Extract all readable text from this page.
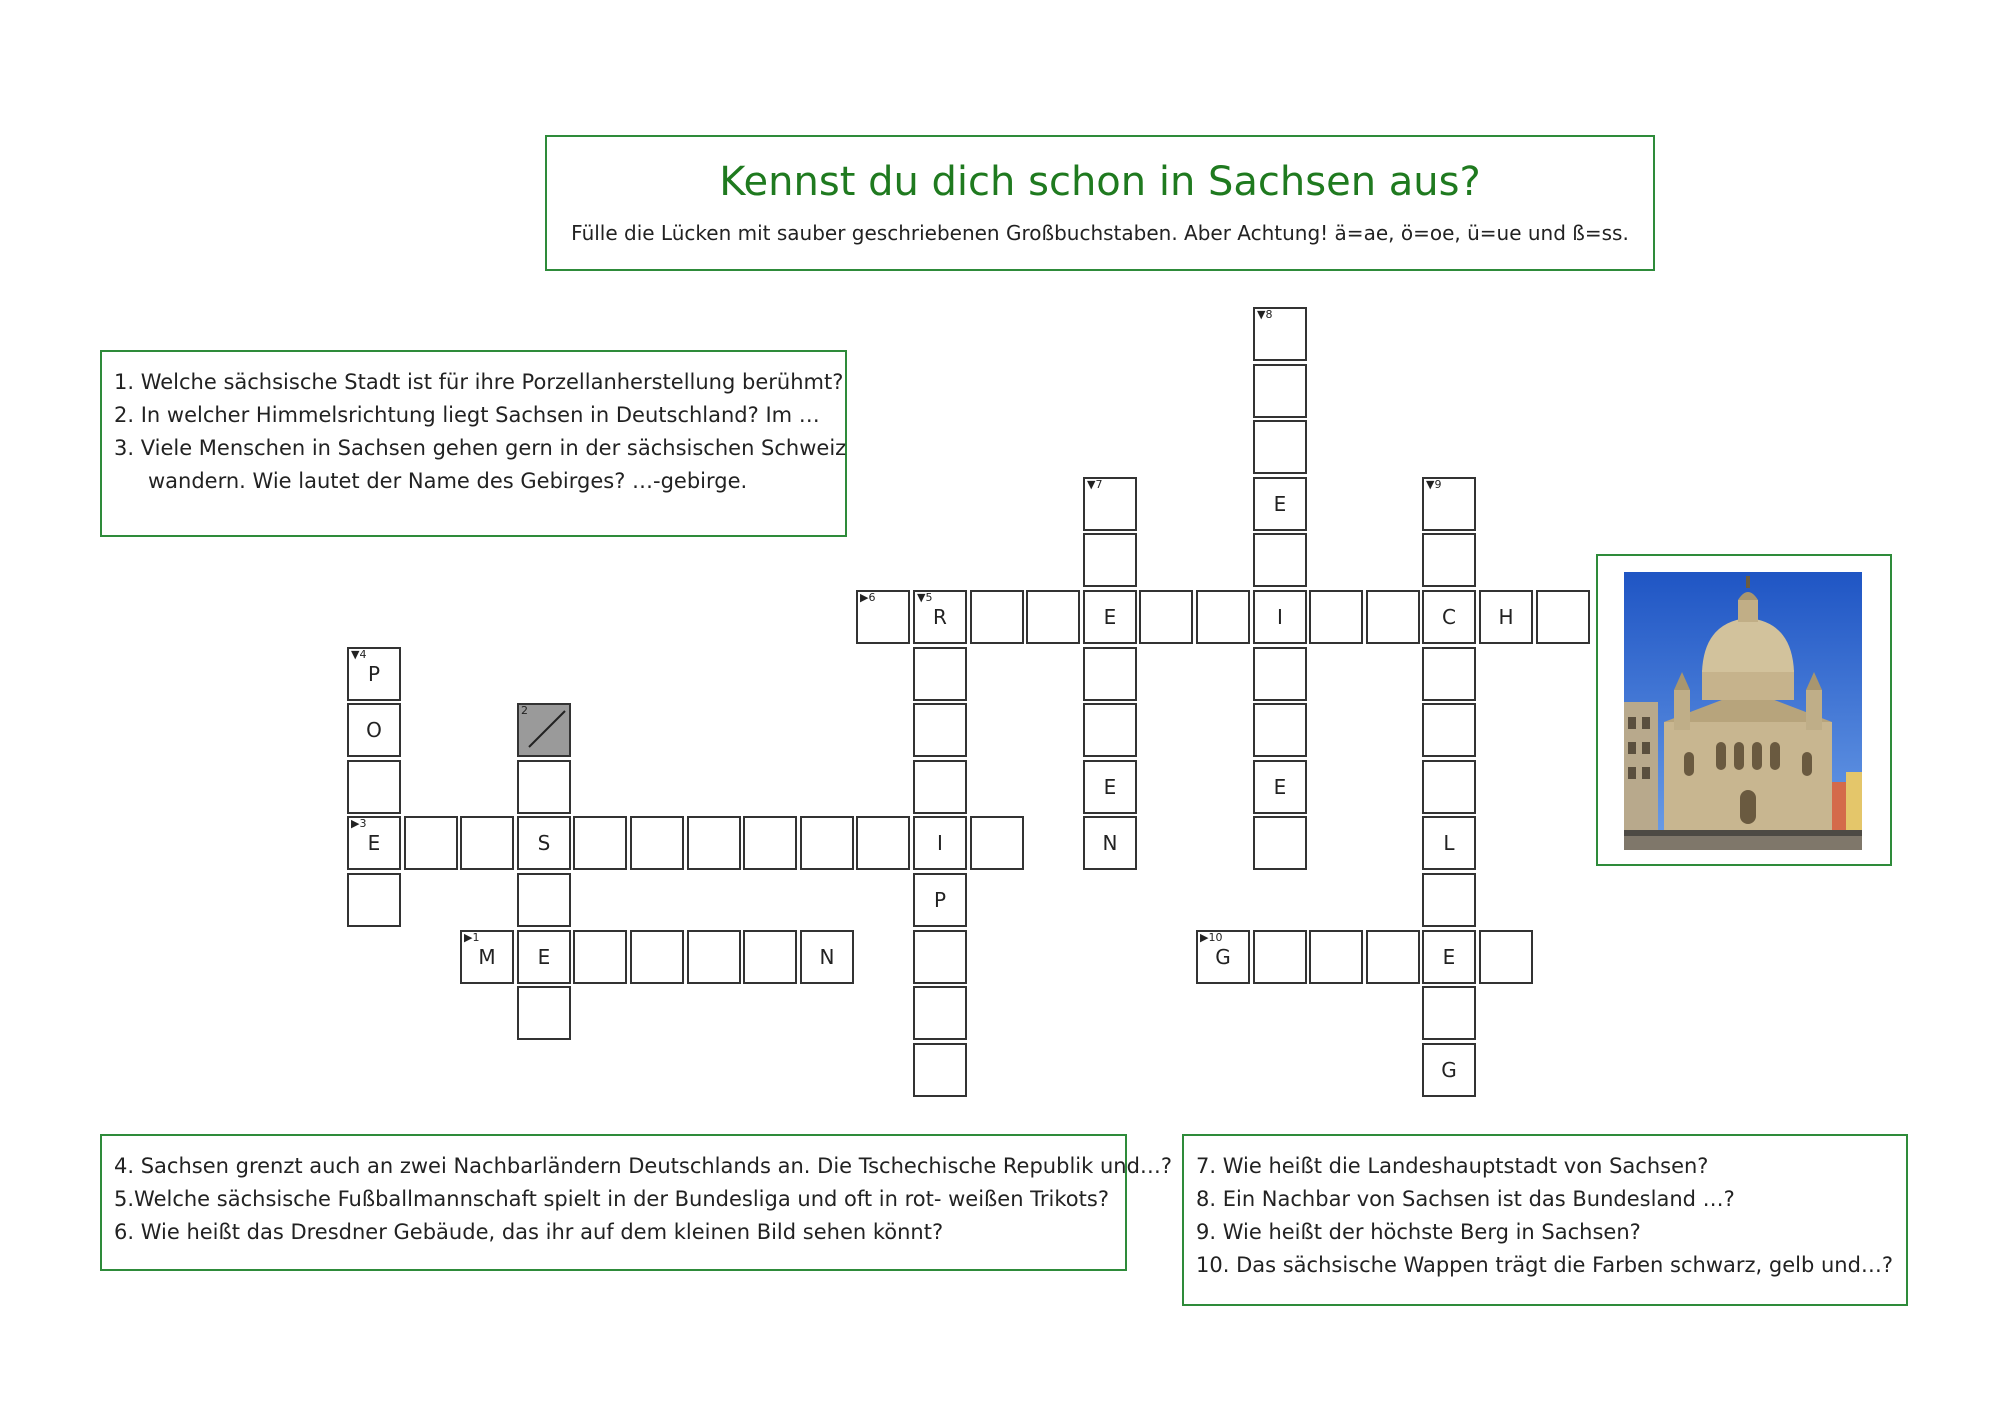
Kennst du dich schon in Sachsen aus?
Fülle die Lücken mit sauber geschriebenen Großbuchstaben. Aber Achtung! ä=ae, ö=oe, ü=ue und ß=ss.
1. Welche sächsische Stadt ist für ihre Porzellanherstellung berühmt?
2. In welcher Himmelsrichtung liegt Sachsen in Deutschland? Im …
3. Viele Menschen in Sachsen gehen gern in der sächsischen Schweiz
wandern. Wie lautet der Name des Gebirges? …-gebirge.
4. Sachsen grenzt auch an zwei Nachbarländern Deutschlands an. Die Tschechische Republik und…?
5.Welche sächsische Fußballmannschaft spielt in der Bundesliga und oft in rot- weißen Trikots?
6. Wie heißt das Dresdner Gebäude, das ihr auf dem kleinen Bild sehen könnt?
7. Wie heißt die Landeshauptstadt von Sachsen?
8. Ein Nachbar von Sachsen ist das Bundesland …?
9. Wie heißt der höchste Berg in Sachsen?
10. Das sächsische Wappen trägt die Farben schwarz, gelb und…?
▼8
▼7
E
▼9
▶6	▼5
R	E	I	C H
▼4
P
O
2
E	E
▶3
E	S	I	N	L
P
▶1
M E	N
▶10
G	E
G
